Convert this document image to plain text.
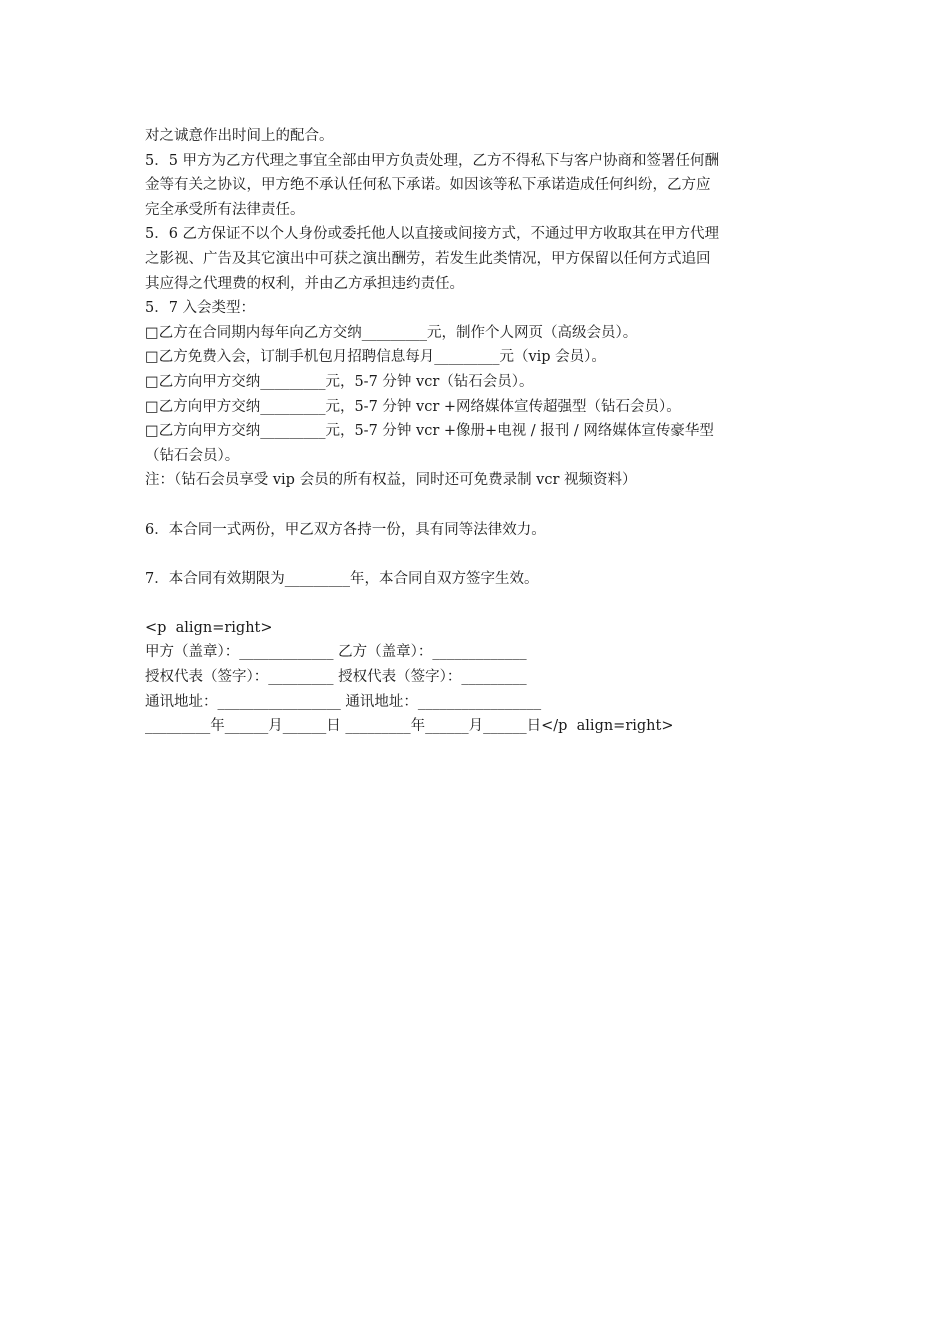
对之诚意作出时间上的配合。
5．5 甲方为乙方代理之事宜全部由甲方负责处理，乙方不得私下与客户协商和签署任何酬
金等有关之协议，甲方绝不承认任何私下承诺。如因该等私下承诺造成任何纠纷，乙方应
完全承受所有法律责任。
5．6 乙方保证不以个人身份或委托他人以直接或间接方式，不通过甲方收取其在甲方代理
之影视、广告及其它演出中可获之演出酬劳，若发生此类情况，甲方保留以任何方式追回
其应得之代理费的权利，并由乙方承担违约责任。
5．7 入会类型：
□乙方在合同期内每年向乙方交纳_________元，制作个人网页（高级会员）。
□乙方免费入会，订制手机包月招聘信息每月_________元（vip 会员）。
□乙方向甲方交纳_________元，5-7 分钟 vcr（钻石会员）。
□乙方向甲方交纳_________元，5-7 分钟 vcr +网络媒体宣传超强型（钻石会员）。
□乙方向甲方交纳_________元，5-7 分钟 vcr +像册+电视 / 报刊 / 网络媒体宣传豪华型
（钻石会员）。
注：（钻石会员享受 vip 会员的所有权益，同时还可免费录制 vcr 视频资料）
6．本合同一式两份，甲乙双方各持一份，具有同等法律效力。
7．本合同有效期限为_________年，本合同自双方签字生效。
<p  align=right>
甲方（盖章）：_____________ 乙方（盖章）：_____________
授权代表（签字）：_________ 授权代表（签字）：_________
通讯地址：_________________ 通讯地址：_________________
_________年______月______日 _________年______月______日</p  align=right>
